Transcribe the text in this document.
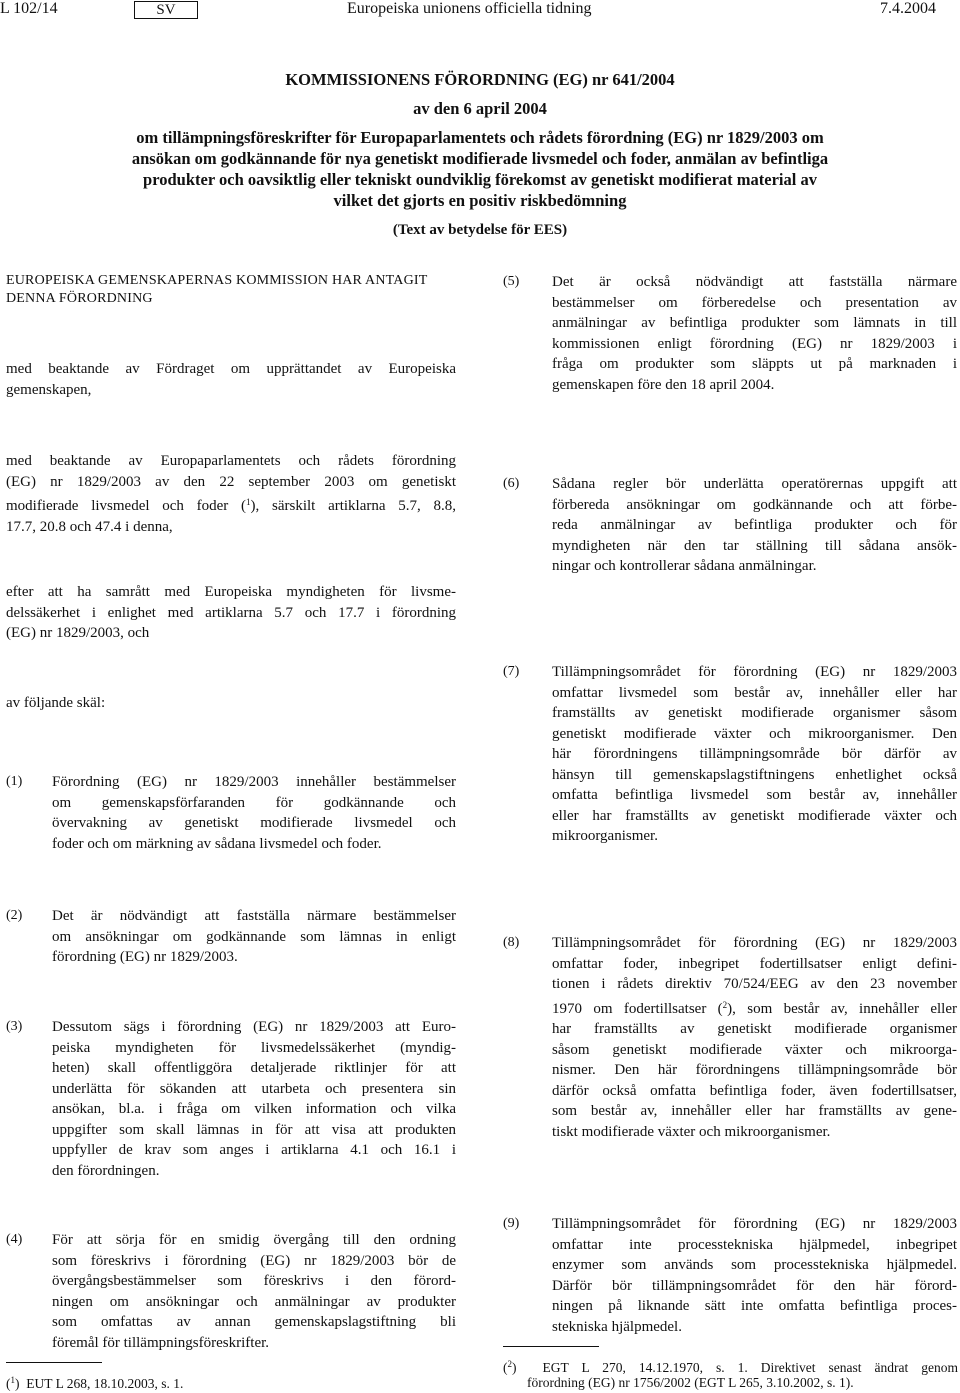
L 102/14	SV	Europeiska unionens officiella tidning	7.4.2004
KOMMISSIONENS FÖRORDNING (EG) nr 641/2004
av den 6 april 2004
om tillämpningsföreskrifter för Europaparlamentets och rådets förordning (EG) nr 1829/2003 om
ansökan om godkännande för nya genetiskt modifierade livsmedel och foder, anmälan av befintliga
produkter och oavsiktlig eller tekniskt oundviklig förekomst av genetiskt modifierat material av
vilket det gjorts en positiv riskbedömning
(Text av betydelse för EES)
EUROPEISKA GEMENSKAPERNAS KOMMISSION HAR ANTAGIT
DENNA FÖRORDNING
med beaktande av Fördraget om upprättandet av Europeiska
gemenskapen,
med beaktande av Europaparlamentets och rådets förordning
(EG) nr 1829/2003 av den 22 september 2003 om genetiskt
modifierade livsmedel och foder ($^1$), särskilt artiklarna 5.7, 8.8,
17.7, 20.8 och 47.4 i denna,
efter att ha samrått med Europeiska myndigheten för livsme-
delssäkerhet i enlighet med artiklarna 5.7 och 17.7 i förordning
(EG) nr 1829/2003, och
av följande skäl:
(1) Förordning (EG) nr 1829/2003 innehåller bestämmelser
om gemenskapsförfaranden för godkännande och
övervakning av genetiskt modifierade livsmedel och
foder och om märkning av sådana livsmedel och foder.
(2) Det är nödvändigt att fastställa närmare bestämmelser
om ansökningar om godkännande som lämnas in enligt
förordning (EG) nr 1829/2003.
(3) Dessutom sägs i förordning (EG) nr 1829/2003 att Euro-
peiska myndigheten för livsmedelssäkerhet (myndig-
heten) skall offentliggöra detaljerade riktlinjer för att
underlätta för sökanden att utarbeta och presentera sin
ansökan, bl.a. i fråga om vilken information och vilka
uppgifter som skall lämnas in för att visa att produkten
uppfyller de krav som anges i artiklarna 4.1 och 16.1 i
den förordningen.
(4) För att sörja för en smidig övergång till den ordning
som föreskrivs i förordning (EG) nr 1829/2003 bör de
övergångsbestämmelser som föreskrivs i den förord-
ningen om ansökningar och anmälningar av produkter
som omfattas av annan gemenskapslagstiftning bli
föremål för tillämpningsföreskrifter.
(5) Det är också nödvändigt att fastställa närmare
bestämmelser om förberedelse och presentation av
anmälningar av befintliga produkter som lämnats in till
kommissionen enligt förordning (EG) nr 1829/2003 i
fråga om produkter som släppts ut på marknaden i
gemenskapen före den 18 april 2004.
(6) Sådana regler bör underlätta operatörernas uppgift att
förbereda ansökningar om godkännande och att förbe-
reda anmälningar av befintliga produkter och för
myndigheten när den tar ställning till sådana ansök-
ningar och kontrollerar sådana anmälningar.
(7) Tillämpningsområdet för förordning (EG) nr 1829/2003
omfattar livsmedel som består av, innehåller eller har
framställts av genetiskt modifierade organismer såsom
genetiskt modifierade växter och mikroorganismer. Den
här förordningens tillämpningsområde bör därför av
hänsyn till gemenskapslagstiftningens enhetlighet också
omfatta befintliga livsmedel som består av, innehåller
eller har framställts av genetiskt modifierade växter och
mikroorganismer.
(8) Tillämpningsområdet för förordning (EG) nr 1829/2003
omfattar foder, inbegripet fodertillsatser enligt defini-
tionen i rådets direktiv 70/524/EEG av den 23 november
1970 om fodertillsatser ($^2$), som består av, innehåller eller
har framställts av genetiskt modifierade organismer
såsom genetiskt modifierade växter och mikroorga-
nismer. Den här förordningens tillämpningsområde bör
därför också omfatta befintliga foder, även fodertillsatser,
som består av, innehåller eller har framställts av gene-
tiskt modifierade växter och mikroorganismer.
(9) Tillämpningsområdet för förordning (EG) nr 1829/2003
omfattar inte processtekniska hjälpmedel, inbegripet
enzymer som används som processtekniska hjälpmedel.
Därför bör tillämpningsområdet för den här förord-
ningen på liknande sätt inte omfatta befintliga proces-
stekniska hjälpmedel.
($^1$)  EUT L 268, 18.10.2003, s. 1.
($^2$)  EGT L 270, 14.12.1970, s. 1. Direktivet senast ändrat genom
förordning (EG) nr 1756/2002 (EGT L 265, 3.10.2002, s. 1).
